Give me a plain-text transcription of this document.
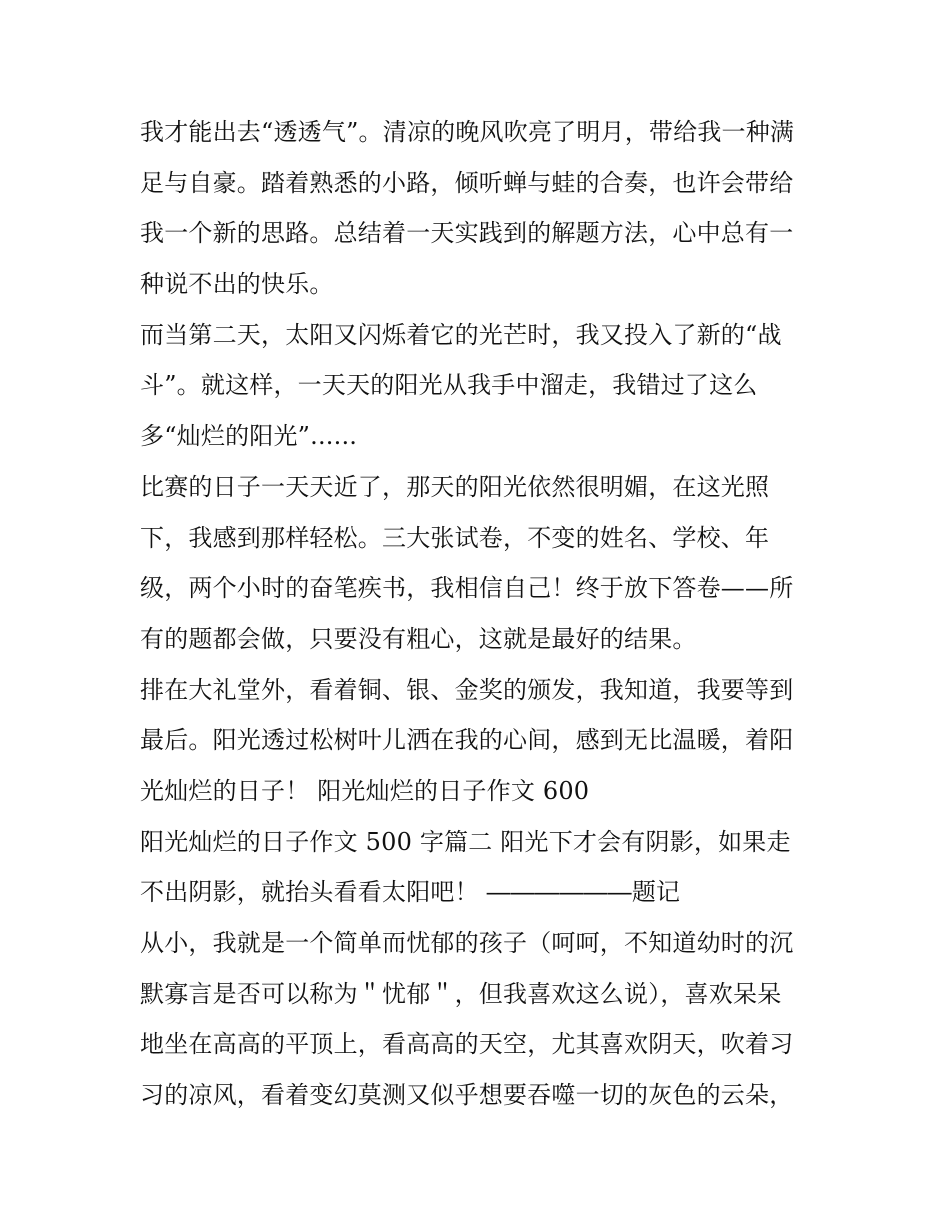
我才能出去“透透气”。清凉的晚风吹亮了明月，带给我一种满
足与自豪。踏着熟悉的小路，倾听蝉与蛙的合奏，也许会带给
我一个新的思路。总结着一天实践到的解题方法，心中总有一
种说不出的快乐。
而当第二天，太阳又闪烁着它的光芒时，我又投入了新的“战
斗”。就这样，一天天的阳光从我手中溜走，我错过了这么
多“灿烂的阳光”......
比赛的日子一天天近了，那天的阳光依然很明媚，在这光照
下，我感到那样轻松。三大张试卷，不变的姓名、学校、年
级，两个小时的奋笔疾书，我相信自己！终于放下答卷——所
有的题都会做，只要没有粗心，这就是最好的结果。
排在大礼堂外，看着铜、银、金奖的颁发，我知道，我要等到
最后。阳光透过松树叶儿洒在我的心间，感到无比温暖，着阳
光灿烂的日子！ 阳光灿烂的日子作文 600
阳光灿烂的日子作文 500 字篇二 阳光下才会有阴影，如果走
不出阴影，就抬头看看太阳吧！ ――――――题记
从小，我就是一个简单而忧郁的孩子（呵呵，不知道幼时的沉
默寡言是否可以称为＂忧郁＂，但我喜欢这么说），喜欢呆呆
地坐在高高的平顶上，看高高的天空，尤其喜欢阴天，吹着习
习的凉风，看着变幻莫测又似乎想要吞噬一切的灰色的云朵，
